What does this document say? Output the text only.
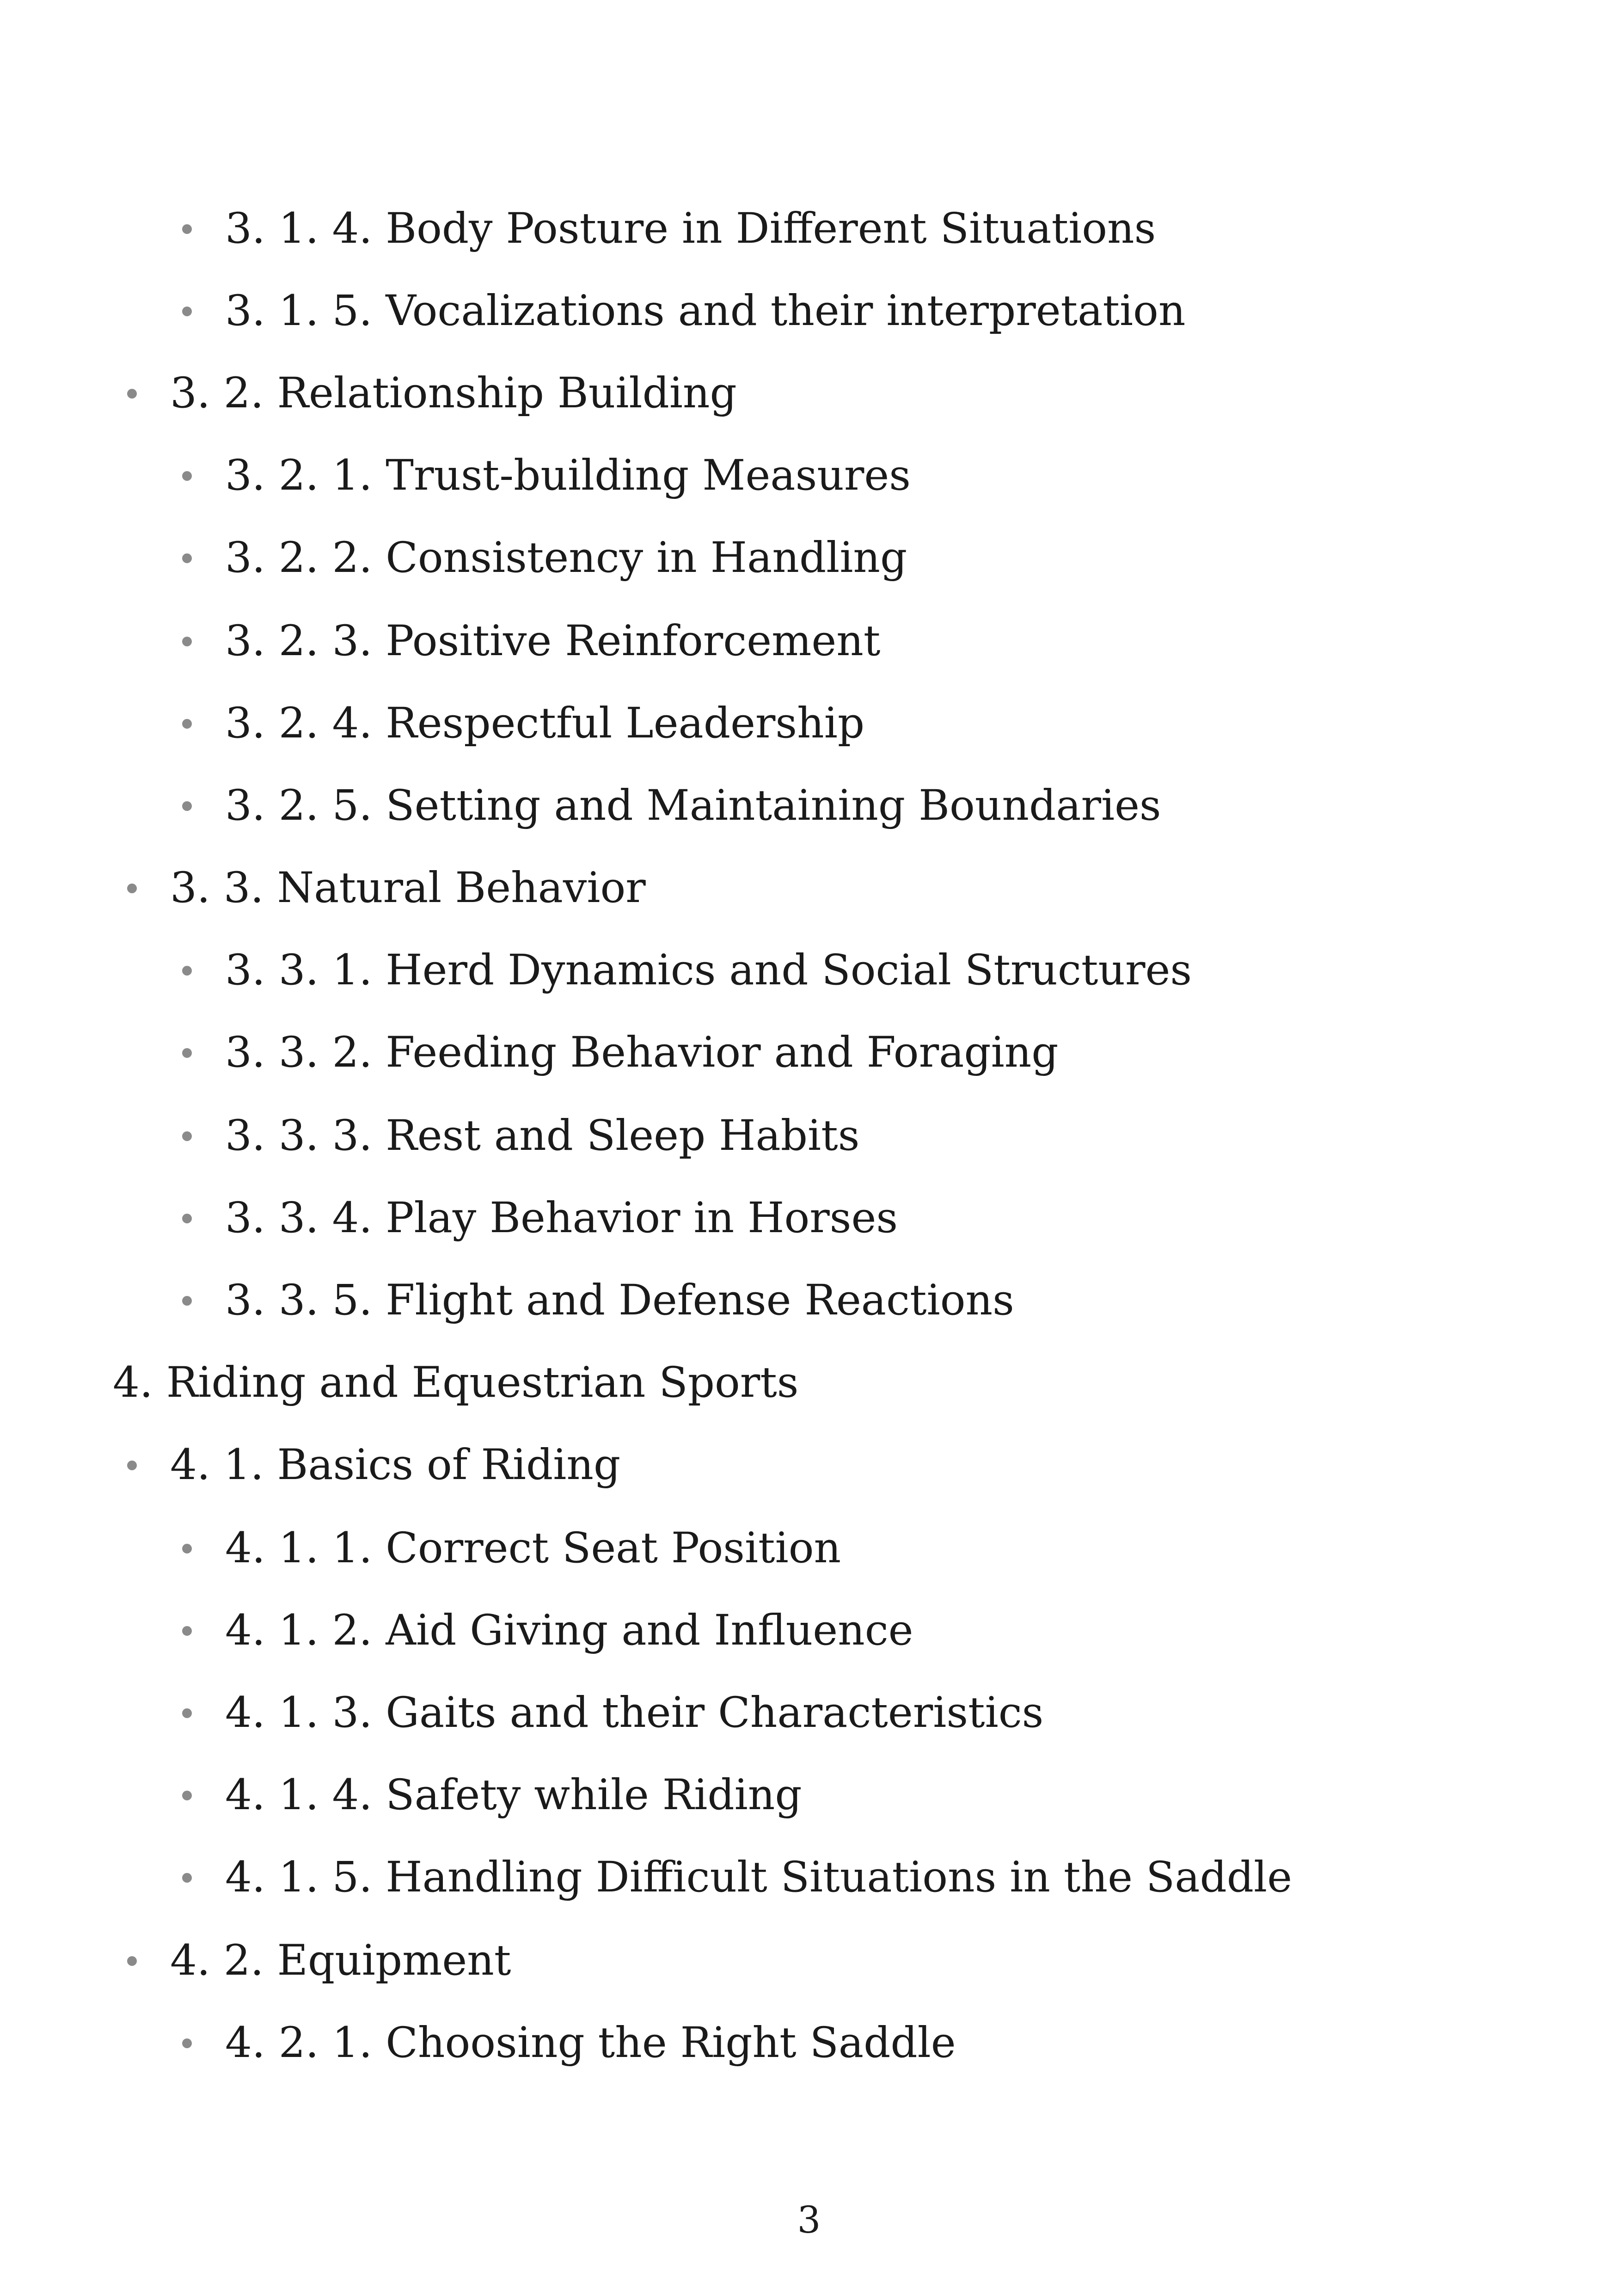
3. 1. 4. Body Posture in Different Situations
3. 1. 5. Vocalizations and their interpretation
3. 2. Relationship Building
3. 2. 1. Trust-building Measures
3. 2. 2. Consistency in Handling
3. 2. 3. Positive Reinforcement
3. 2. 4. Respectful Leadership
3. 2. 5. Setting and Maintaining Boundaries
3. 3. Natural Behavior
3. 3. 1. Herd Dynamics and Social Structures
3. 3. 2. Feeding Behavior and Foraging
3. 3. 3. Rest and Sleep Habits
3. 3. 4. Play Behavior in Horses
3. 3. 5. Flight and Defense Reactions
4. Riding and Equestrian Sports
4. 1. Basics of Riding
4. 1. 1. Correct Seat Position
4. 1. 2. Aid Giving and Influence
4. 1. 3. Gaits and their Characteristics
4. 1. 4. Safety while Riding
4. 1. 5. Handling Difficult Situations in the Saddle
4. 2. Equipment
4. 2. 1. Choosing the Right Saddle
3
